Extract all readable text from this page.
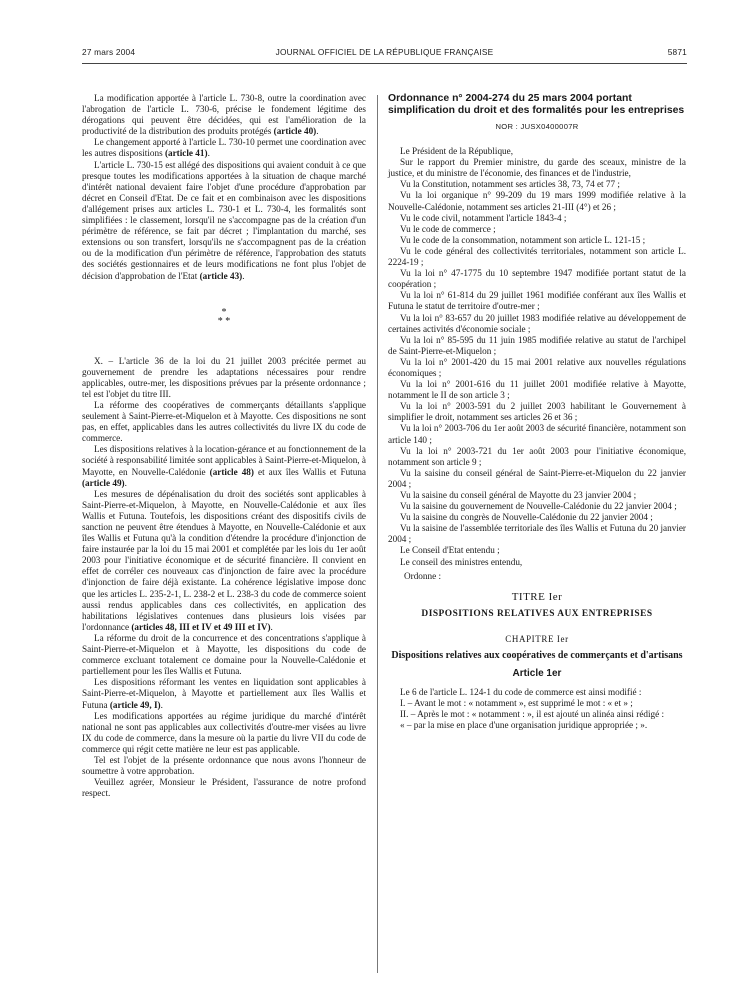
27 mars 2004	JOURNAL OFFICIEL DE LA RÉPUBLIQUE FRANÇAISE	5871

La modification apportée à l'article L. 730-8, outre la coordination avec l'abrogation de l'article L. 730-6, précise le fondement légitime des dérogations qui peuvent être décidées, qui est l'amélioration de la productivité de la distribution des produits protégés (article 40).

Le changement apporté à l'article L. 730-10 permet une coordination avec les autres dispositions (article 41).

L'article L. 730-15 est allégé des dispositions qui avaient conduit à ce que presque toutes les modifications apportées à la situation de chaque marché d'intérêt national devaient faire l'objet d'une procédure d'approbation par décret en Conseil d'Etat. De ce fait et en combinaison avec les dispositions d'allégement prises aux articles L. 730-1 et L. 730-4, les formalités sont simplifiées : le classement, lorsqu'il ne s'accompagne pas de la création d'un périmètre de référence, se fait par décret ; l'implantation du marché, ses extensions ou son transfert, lorsqu'ils ne s'accompagnent pas de la création ou de la modification d'un périmètre de référence, l'approbation des statuts des sociétés gestionnaires et de leurs modifications ne font plus l'objet de décision d'approbation de l'Etat (article 43).

*
* *

X. – L'article 36 de la loi du 21 juillet 2003 précitée permet au gouvernement de prendre les adaptations nécessaires pour rendre applicables, outre-mer, les dispositions prévues par la présente ordonnance ; tel est l'objet du titre III.

La réforme des coopératives de commerçants détaillants s'applique seulement à Saint-Pierre-et-Miquelon et à Mayotte. Ces dispositions ne sont pas, en effet, applicables dans les autres collectivités du livre IX du code de commerce.

Les dispositions relatives à la location-gérance et au fonctionnement de la société à responsabilité limitée sont applicables à Saint-Pierre-et-Miquelon, à Mayotte, en Nouvelle-Calédonie (article 48) et aux îles Wallis et Futuna (article 49).

Les mesures de dépénalisation du droit des sociétés sont applicables à Saint-Pierre-et-Miquelon, à Mayotte, en Nouvelle-Calédonie et aux îles Wallis et Futuna. Toutefois, les dispositions créant des dispositifs civils de sanction ne peuvent être étendues à Mayotte, en Nouvelle-Calédonie et aux îles Wallis et Futuna qu'à la condition d'étendre la procédure d'injonction de faire instaurée par la loi du 15 mai 2001 et complétée par les lois du 1er août 2003 pour l'initiative économique et de sécurité financière. Il convient en effet de corréler ces nouveaux cas d'injonction de faire avec la procédure d'injonction de faire déjà existante. La cohérence législative impose donc que les articles L. 235-2-1, L. 238-2 et L. 238-3 du code de commerce soient aussi rendus applicables dans ces collectivités, en application des habilitations législatives contenues dans plusieurs lois visées par l'ordonnance (articles 48, III et IV et 49 III et IV).

La réforme du droit de la concurrence et des concentrations s'applique à Saint-Pierre-et-Miquelon et à Mayotte, les dispositions du code de commerce excluant totalement ce domaine pour la Nouvelle-Calédonie et partiellement pour les îles Wallis et Futuna.

Les dispositions réformant les ventes en liquidation sont applicables à Saint-Pierre-et-Miquelon, à Mayotte et partiellement aux îles Wallis et Futuna (article 49, I).

Les modifications apportées au régime juridique du marché d'intérêt national ne sont pas applicables aux collectivités d'outre-mer visées au livre IX du code de commerce, dans la mesure où la partie du livre VII du code de commerce qui régit cette matière ne leur est pas applicable.

Tel est l'objet de la présente ordonnance que nous avons l'honneur de soumettre à votre approbation.

Veuillez agréer, Monsieur le Président, l'assurance de notre profond respect.

Ordonnance n° 2004-274 du 25 mars 2004 portant simplification du droit et des formalités pour les entreprises
NOR : JUSX0400007R

Le Président de la République,

Sur le rapport du Premier ministre, du garde des sceaux, ministre de la justice, et du ministre de l'économie, des finances et de l'industrie,

Vu la Constitution, notamment ses articles 38, 73, 74 et 77 ;

Vu la loi organique n° 99-209 du 19 mars 1999 modifiée relative à la Nouvelle-Calédonie, notamment ses articles 21-III (4°) et 26 ;

Vu le code civil, notamment l'article 1843-4 ;

Vu le code de commerce ;

Vu le code de la consommation, notamment son article L. 121-15 ;

Vu le code général des collectivités territoriales, notamment son article L. 2224-19 ;

Vu la loi n° 47-1775 du 10 septembre 1947 modifiée portant statut de la coopération ;

Vu la loi n° 61-814 du 29 juillet 1961 modifiée conférant aux îles Wallis et Futuna le statut de territoire d'outre-mer ;

Vu la loi n° 83-657 du 20 juillet 1983 modifiée relative au développement de certaines activités d'économie sociale ;

Vu la loi n° 85-595 du 11 juin 1985 modifiée relative au statut de l'archipel de Saint-Pierre-et-Miquelon ;

Vu la loi n° 2001-420 du 15 mai 2001 relative aux nouvelles régulations économiques ;

Vu la loi n° 2001-616 du 11 juillet 2001 modifiée relative à Mayotte, notamment le II de son article 3 ;

Vu la loi n° 2003-591 du 2 juillet 2003 habilitant le Gouvernement à simplifier le droit, notamment ses articles 26 et 36 ;

Vu la loi n° 2003-706 du 1er août 2003 de sécurité financière, notamment son article 140 ;

Vu la loi n° 2003-721 du 1er août 2003 pour l'initiative économique, notamment son article 9 ;

Vu la saisine du conseil général de Saint-Pierre-et-Miquelon du 22 janvier 2004 ;

Vu la saisine du conseil général de Mayotte du 23 janvier 2004 ;

Vu la saisine du gouvernement de Nouvelle-Calédonie du 22 janvier 2004 ;

Vu la saisine du congrès de Nouvelle-Calédonie du 22 janvier 2004 ;

Vu la saisine de l'assemblée territoriale des îles Wallis et Futuna du 20 janvier 2004 ;

Le Conseil d'Etat entendu ;

Le conseil des ministres entendu,

Ordonne :

TITRE Ier
DISPOSITIONS RELATIVES AUX ENTREPRISES
CHAPITRE Ier
Dispositions relatives aux coopératives de commerçants et d'artisans
Article 1er

Le 6 de l'article L. 124-1 du code de commerce est ainsi modifié :

I. – Avant le mot : « notamment », est supprimé le mot : « et » ;

II. – Après le mot : « notamment : », il est ajouté un alinéa ainsi rédigé :

« – par la mise en place d'une organisation juridique appropriée ; ».
